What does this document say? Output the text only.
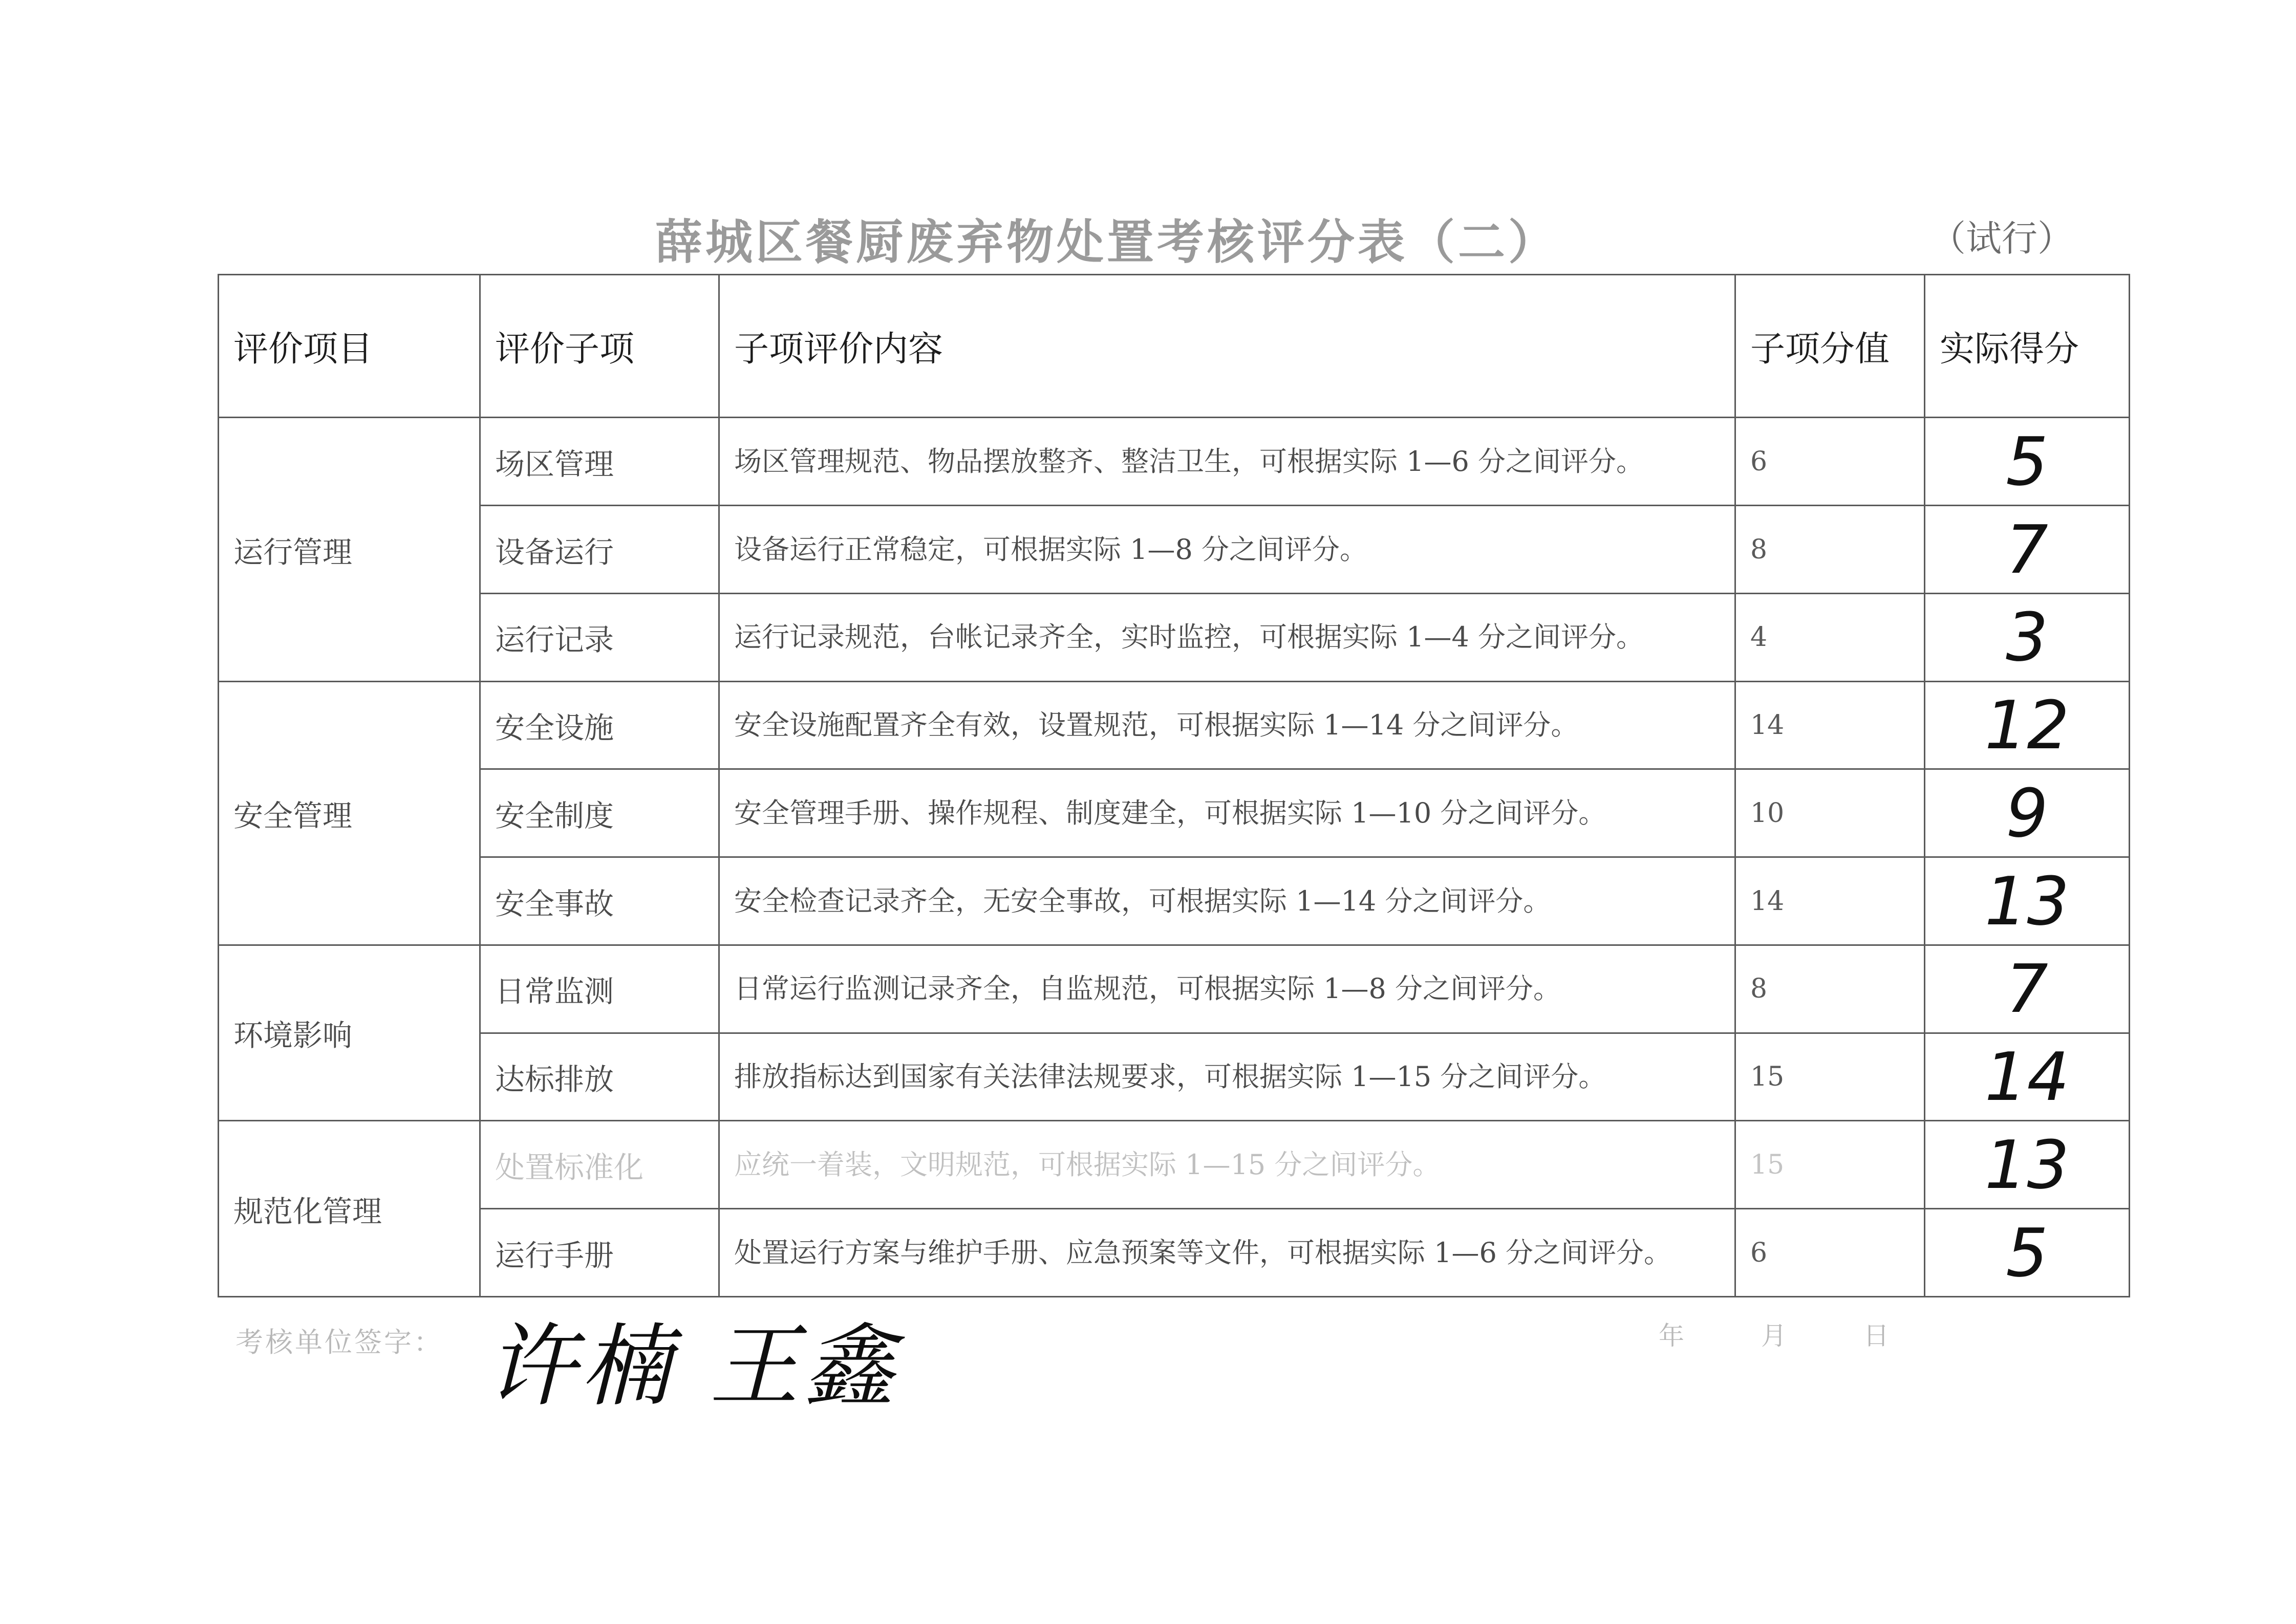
薛城区餐厨废弃物处置考核评分表（二）	（试行）
评价项目	评价子项	子项评价内容	子项分值	实际得分
运行管理	场区管理	场区管理规范、物品摆放整齐、整洁卫生，可根据实际 1—6 分之间评分。	6	5
	设备运行	设备运行正常稳定，可根据实际 1—8 分之间评分。	8	7
	运行记录	运行记录规范，台帐记录齐全，实时监控，可根据实际 1—4 分之间评分。	4	3
安全管理	安全设施	安全设施配置齐全有效，设置规范，可根据实际 1—14 分之间评分。	14	12
	安全制度	安全管理手册、操作规程、制度建全，可根据实际 1—10 分之间评分。	10	9
	安全事故	安全检查记录齐全，无安全事故，可根据实际 1—14 分之间评分。	14	13
环境影响	日常监测	日常运行监测记录齐全，自监规范，可根据实际 1—8 分之间评分。	8	7
	达标排放	排放指标达到国家有关法律法规要求，可根据实际 1—15 分之间评分。	15	14
规范化管理	处置标准化	应统一着装，文明规范，可根据实际 1—15 分之间评分。	15	13
	运行手册	处置运行方案与维护手册、应急预案等文件，可根据实际 1—6 分之间评分。	6	5
考核单位签字： 许楠 王鑫	年　　　月　　　日
